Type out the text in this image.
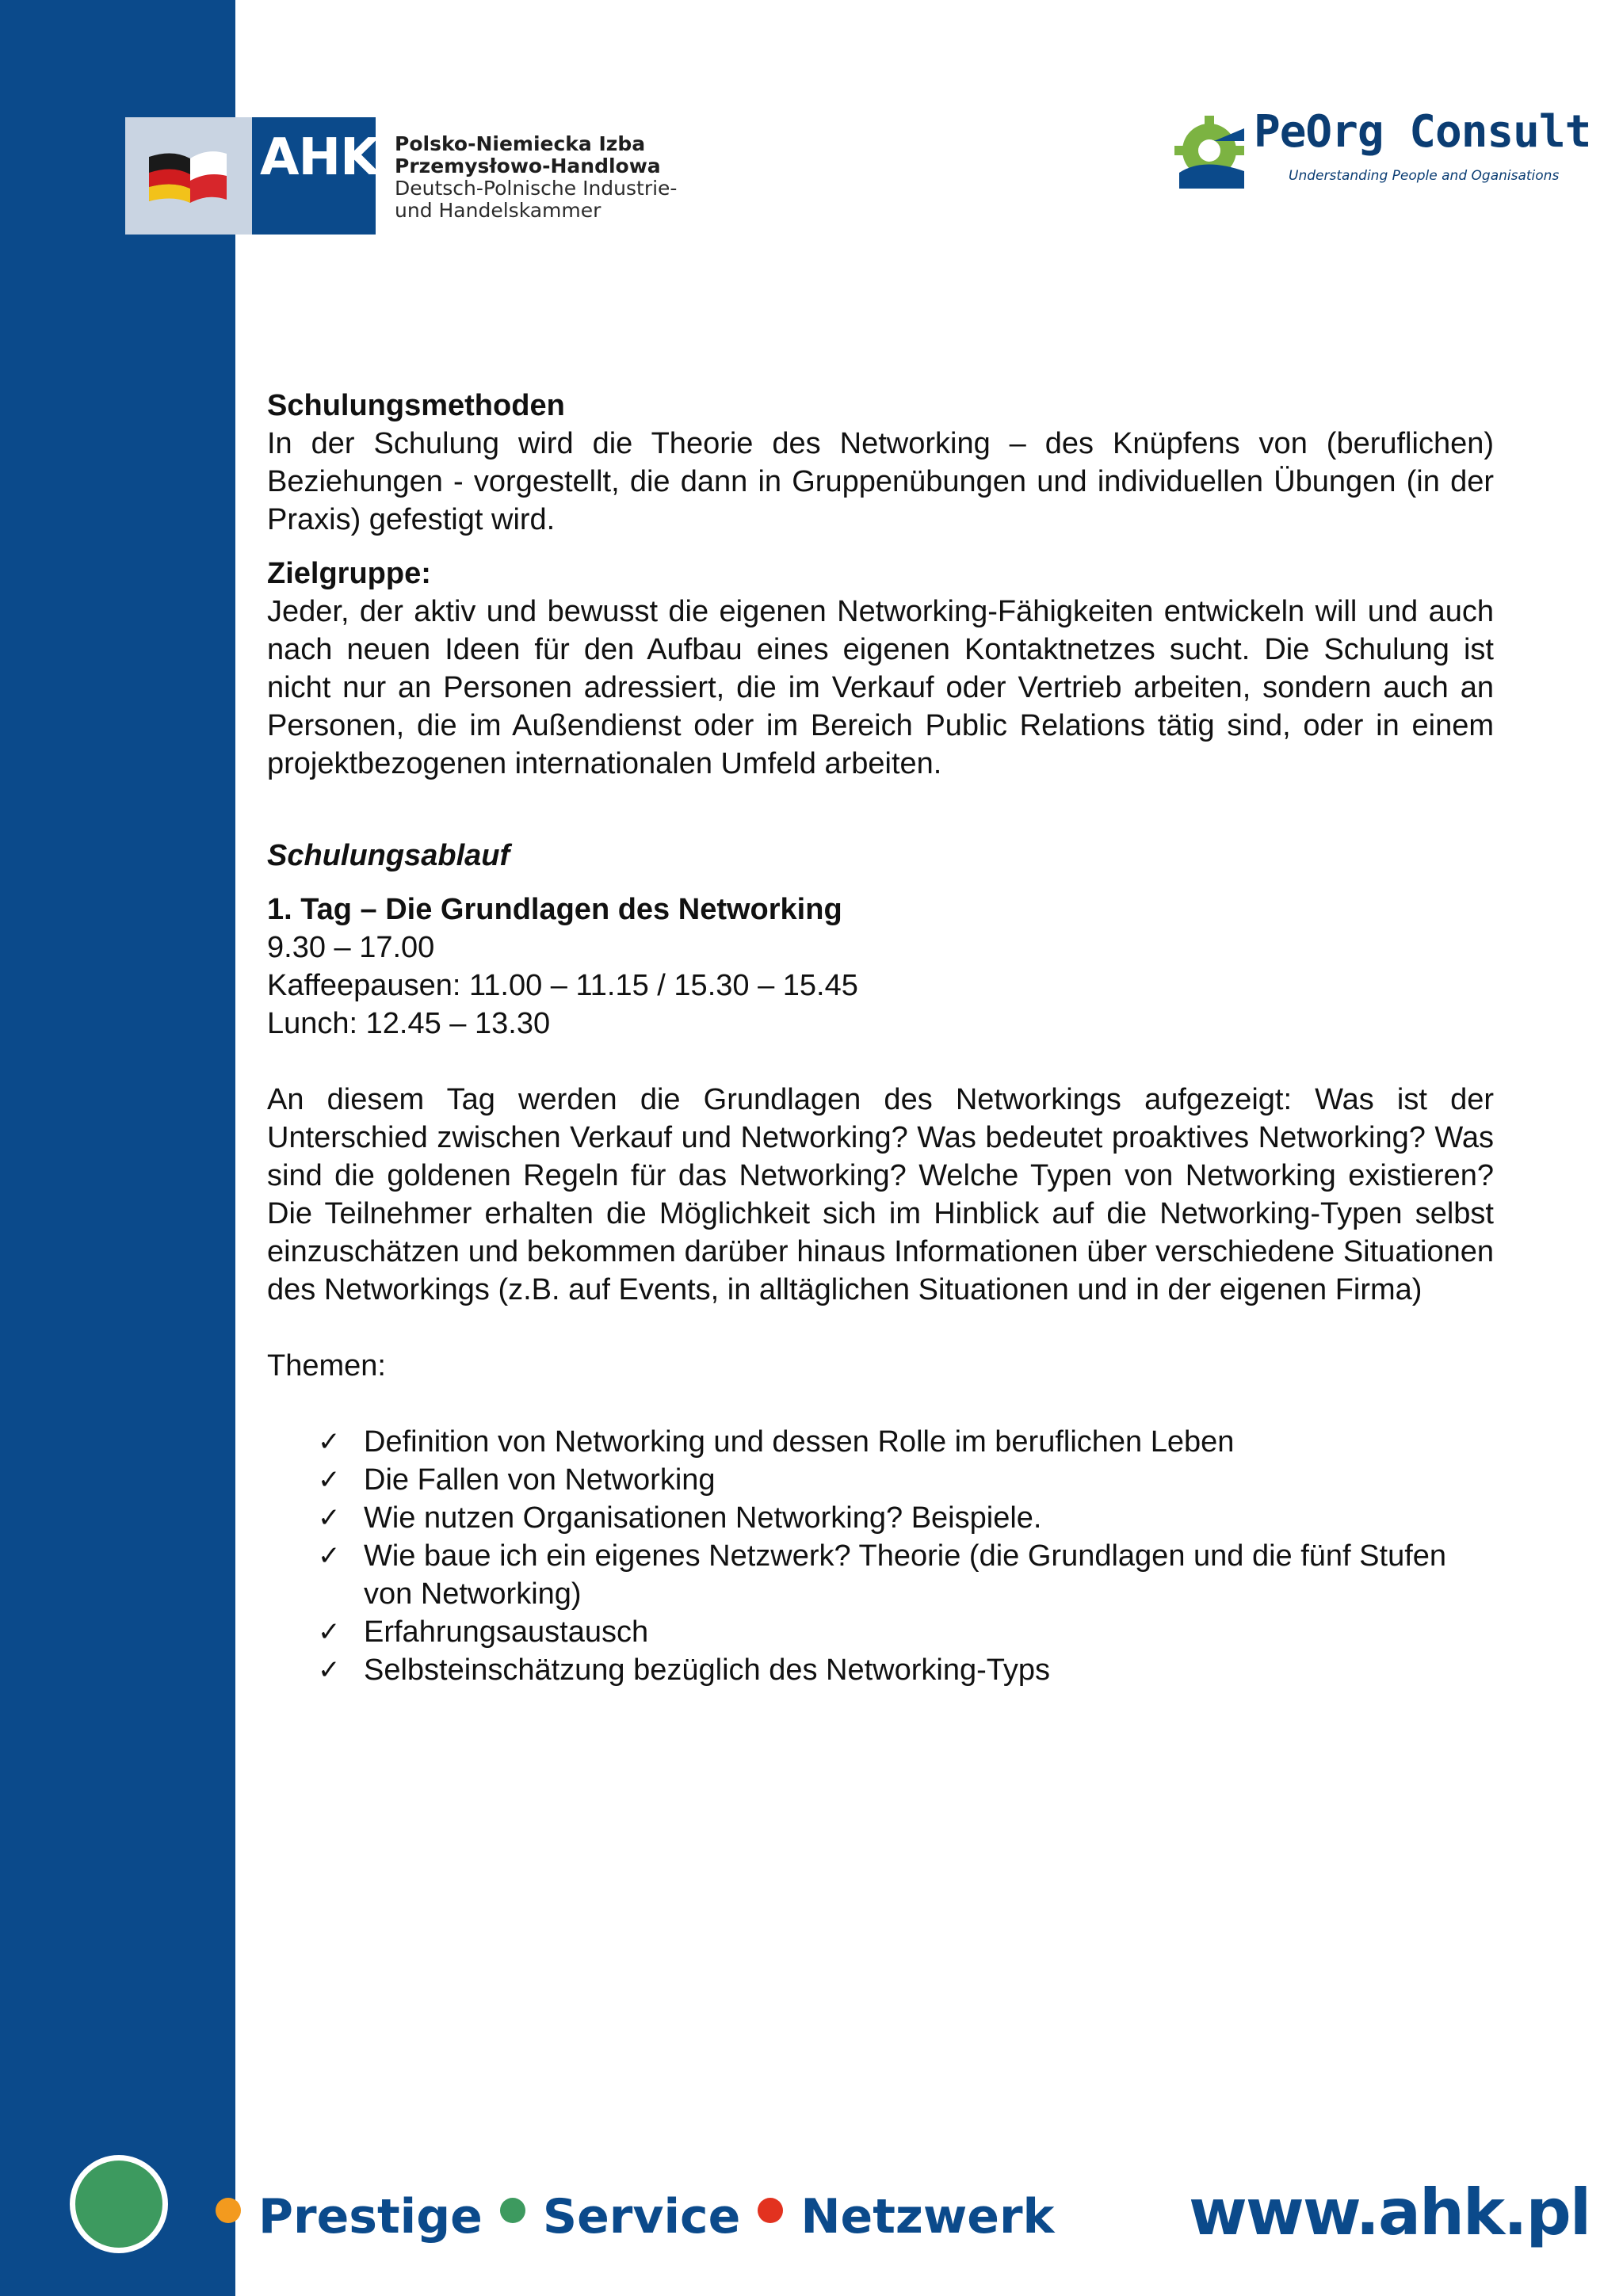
AHK Polsko-Niemiecka Izba
Przemysłowo-Handlowa
Deutsch-Polnische Industrie-
und Handelskammer
PeOrg Consult
Understanding People and Oganisations

Schulungsmethoden

In der Schulung wird die Theorie des Networking – des Knüpfens von (beruflichen) Beziehungen - vorgestellt, die dann in Gruppenübungen und individuellen Übungen (in der Praxis) gefestigt wird.

Zielgruppe:

Jeder, der aktiv und bewusst die eigenen Networking-Fähigkeiten entwickeln will und auch nach neuen Ideen für den Aufbau eines eigenen Kontaktnetzes sucht. Die Schulung ist nicht nur an Personen adressiert, die im Verkauf oder Vertrieb arbeiten, sondern auch an Personen, die im Außendienst oder im Bereich Public Relations tätig sind, oder in einem projektbezogenen internationalen Umfeld arbeiten.

Schulungsablauf

1. Tag – Die Grundlagen des Networking

9.30 – 17.00

Kaffeepausen: 11.00 – 11.15 / 15.30 – 15.45

Lunch: 12.45 – 13.30

An diesem Tag werden die Grundlagen des Networkings aufgezeigt: Was ist der Unterschied zwischen Verkauf und Networking? Was bedeutet proaktives Networking? Was sind die goldenen Regeln für das Networking? Welche Typen von Networking existieren? Die Teilnehmer erhalten die Möglichkeit sich im Hinblick auf die Networking-Typen selbst einzuschätzen und bekommen darüber hinaus Informationen über verschiedene Situationen des Networkings (z.B. auf Events, in alltäglichen Situationen und in der eigenen Firma)

Themen:

✓ Definition von Networking und dessen Rolle im beruflichen Leben
✓ Die Fallen von Networking
✓ Wie nutzen Organisationen Networking? Beispiele.
✓ Wie baue ich ein eigenes Netzwerk? Theorie (die Grundlagen und die fünf Stufen von Networking)
✓ Erfahrungsaustausch
✓ Selbsteinschätzung bezüglich des Networking-Typs
Prestige Service Netzwerk www.ahk.pl
